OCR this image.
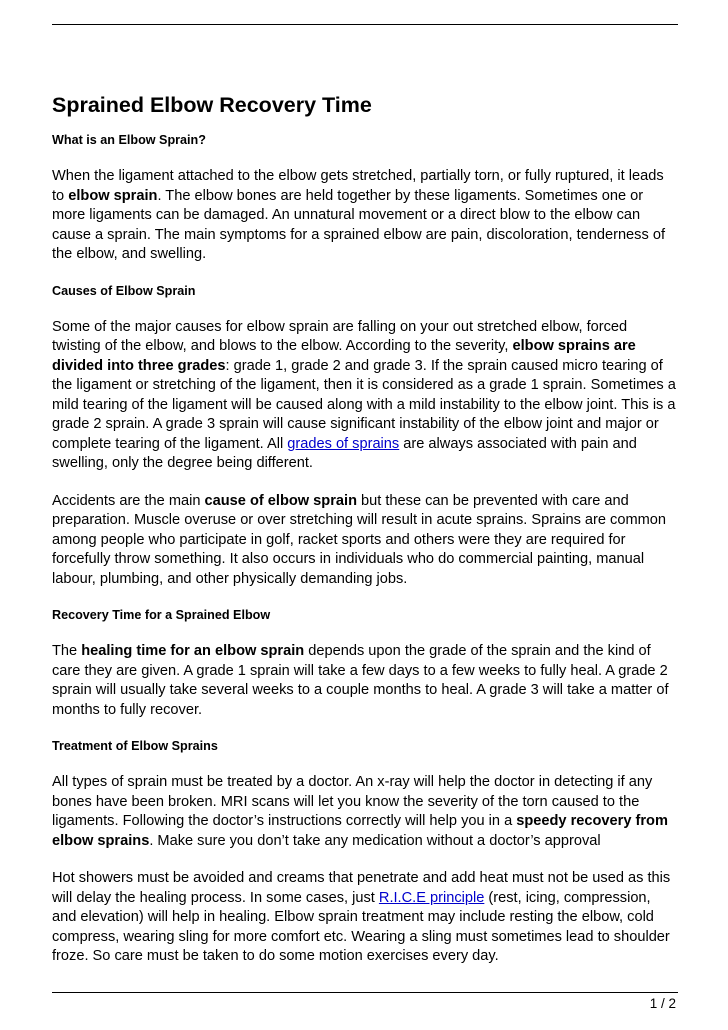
Sprained Elbow Recovery Time
What is an Elbow Sprain?

When the ligament attached to the elbow gets stretched, partially torn, or fully ruptured, it leads to elbow sprain. The elbow bones are held together by these ligaments. Sometimes one or more ligaments can be damaged. An unnatural movement or a direct blow to the elbow can cause a sprain. The main symptoms for a sprained elbow are pain, discoloration, tenderness of the elbow, and swelling.

Causes of Elbow Sprain

Some of the major causes for elbow sprain are falling on your out stretched elbow, forced twisting of the elbow, and blows to the elbow. According to the severity, elbow sprains are divided into three grades: grade 1, grade 2 and grade 3. If the sprain caused micro tearing of the ligament or stretching of the ligament, then it is considered as a grade 1 sprain. Sometimes a mild tearing of the ligament will be caused along with a mild instability to the elbow joint. This is a grade 2 sprain. A grade 3 sprain will cause significant instability of the elbow joint and major or complete tearing of the ligament. All grades of sprains are always associated with pain and swelling, only the degree being different.

Accidents are the main cause of elbow sprain but these can be prevented with care and preparation. Muscle overuse or over stretching will result in acute sprains. Sprains are common among people who participate in golf, racket sports and others were they are required for forcefully throw something. It also occurs in individuals who do commercial painting, manual labour, plumbing, and other physically demanding jobs.

Recovery Time for a Sprained Elbow

The healing time for an elbow sprain depends upon the grade of the sprain and the kind of care they are given. A grade 1 sprain will take a few days to a few weeks to fully heal. A grade 2 sprain will usually take several weeks to a couple months to heal. A grade 3 will take a matter of months to fully recover.

Treatment of Elbow Sprains

All types of sprain must be treated by a doctor. An x-ray will help the doctor in detecting if any bones have been broken. MRI scans will let you know the severity of the torn caused to the ligaments. Following the doctor’s instructions correctly will help you in a speedy recovery from elbow sprains. Make sure you don’t take any medication without a doctor’s approval

Hot showers must be avoided and creams that penetrate and add heat must not be used as this will delay the healing process. In some cases, just R.I.C.E principle (rest, icing, compression, and elevation) will help in healing. Elbow sprain treatment may include resting the elbow, cold compress, wearing sling for more comfort etc. Wearing a sling must sometimes lead to shoulder froze. So care must be taken to do some motion exercises every day.

1 / 2
